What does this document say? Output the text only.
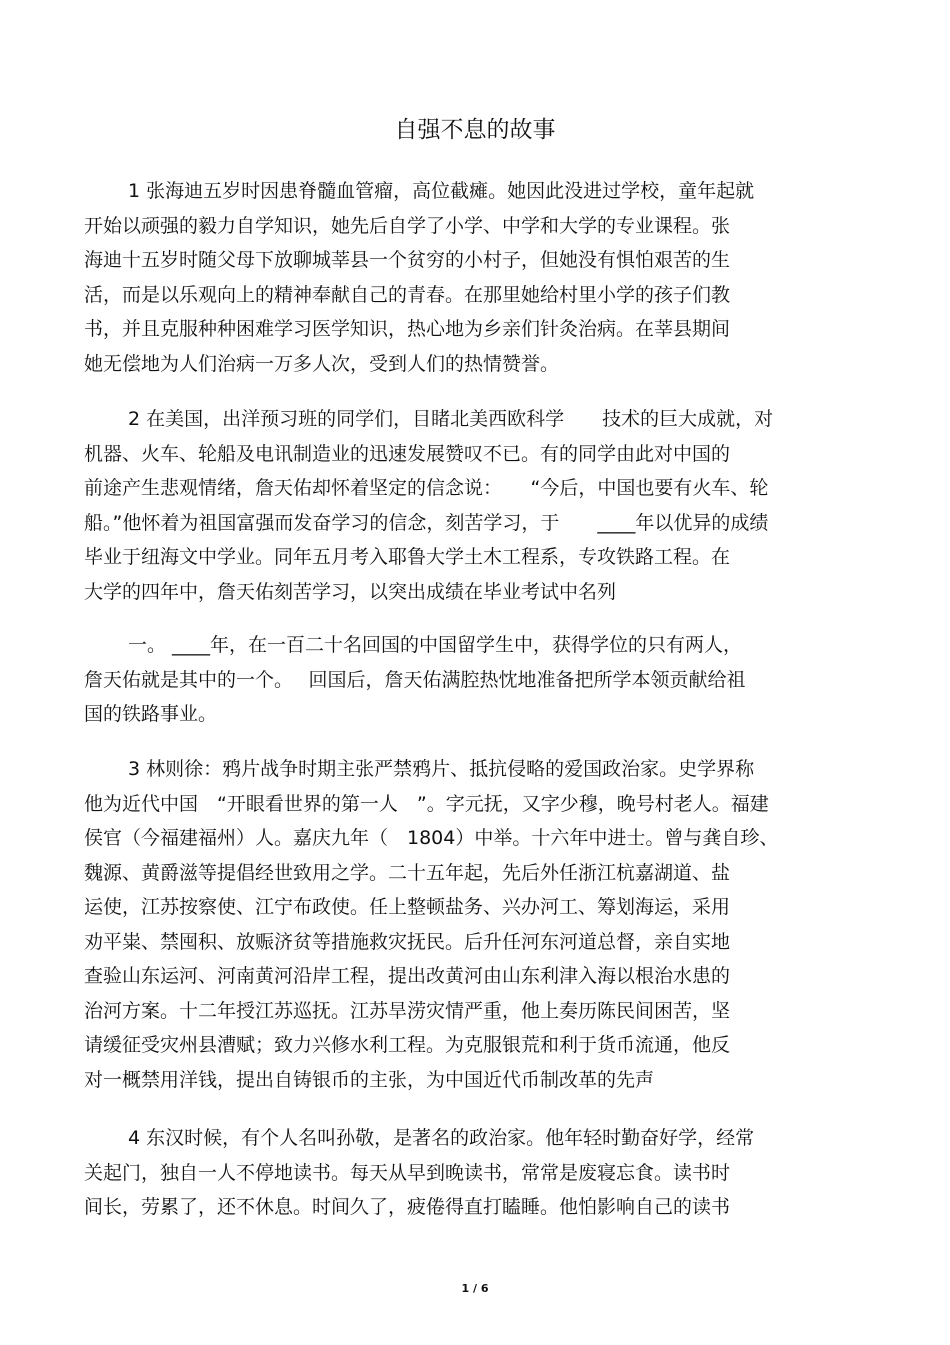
自强不息的故事
1 张海迪五岁时因患脊髓血管瘤，高位截瘫。她因此没进过学校，童年起就
开始以顽强的毅力自学知识，她先后自学了小学、中学和大学的专业课程。张
海迪十五岁时随父母下放聊城莘县一个贫穷的小村子，但她没有惧怕艰苦的生
活，而是以乐观向上的精神奉献自己的青春。在那里她给村里小学的孩子们教
书，并且克服种种困难学习医学知识，热心地为乡亲们针灸治病。在莘县期间
她无偿地为人们治病一万多人次，受到人们的热情赞誉。
2 在美国，出洋预习班的同学们，目睹北美西欧科学　　技术的巨大成就，对
机器、火车、轮船及电讯制造业的迅速发展赞叹不已。有的同学由此对中国的
前途产生悲观情绪，詹天佑却怀着坚定的信念说：　　“今后，中国也要有火车、轮
船。”他怀着为祖国富强而发奋学习的信念，刻苦学习，于　　____年以优异的成绩
毕业于纽海文中学业。同年五月考入耶鲁大学土木工程系，专攻铁路工程。在
大学的四年中，詹天佑刻苦学习，以突出成绩在毕业考试中名列
一。 ____年，在一百二十名回国的中国留学生中，获得学位的只有两人，
詹天佑就是其中的一个。　 回国后，詹天佑满腔热忱地准备把所学本领贡献给祖
国的铁路事业。
3 林则徐：鸦片战争时期主张严禁鸦片、抵抗侵略的爱国政治家。史学界称
他为近代中国　“开眼看世界的第一人　”。字元抚，又字少穆，晚号村老人。福建
侯官（今福建福州）人。嘉庆九年（　1804）中举。十六年中进士。曾与龚自珍、
魏源、黄爵滋等提倡经世致用之学。二十五年起，先后外任浙江杭嘉湖道、盐
运使，江苏按察使、江宁布政使。任上整顿盐务、兴办河工、筹划海运，采用
劝平粜、禁囤积、放赈济贫等措施救灾抚民。后升任河东河道总督，亲自实地
查验山东运河、河南黄河沿岸工程，提出改黄河由山东利津入海以根治水患的
治河方案。十二年授江苏巡抚。江苏旱涝灾情严重，他上奏历陈民间困苦，坚
请缓征受灾州县漕赋；致力兴修水利工程。为克服银荒和利于货币流通，他反
对一概禁用洋钱，提出自铸银币的主张，为中国近代币制改革的先声
4 东汉时候，有个人名叫孙敬，是著名的政治家。他年轻时勤奋好学，经常
关起门，独自一人不停地读书。每天从早到晚读书，常常是废寝忘食。读书时
间长，劳累了，还不休息。时间久了，疲倦得直打瞌睡。他怕影响自己的读书
1 / 6
